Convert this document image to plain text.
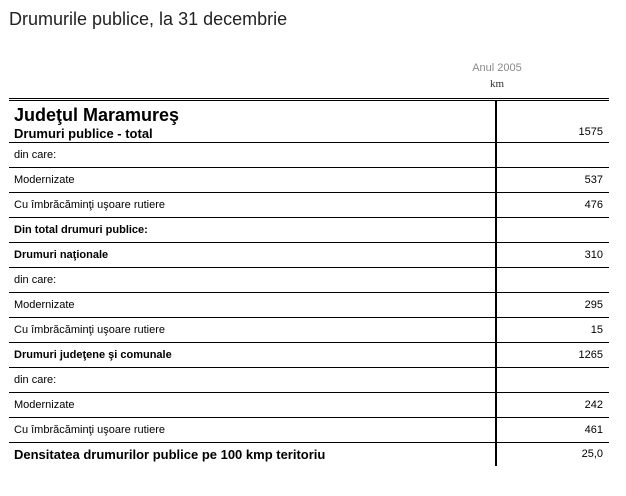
Drumurile publice, la 31 decembrie
Anul 2005
km
Judeţul Maramureş	
Drumuri publice - total	1575
din care:	
Modernizate	537
Cu îmbrăcăminţi uşoare rutiere	476
Din total drumuri publice:	
Drumuri naţionale	310
din care:	
Modernizate	295
Cu îmbrăcăminţi uşoare rutiere	15
Drumuri judeţene şi comunale	1265
din care:	
Modernizate	242
Cu îmbrăcăminţi uşoare rutiere	461
Densitatea drumurilor publice pe 100 kmp teritoriu	25,0
